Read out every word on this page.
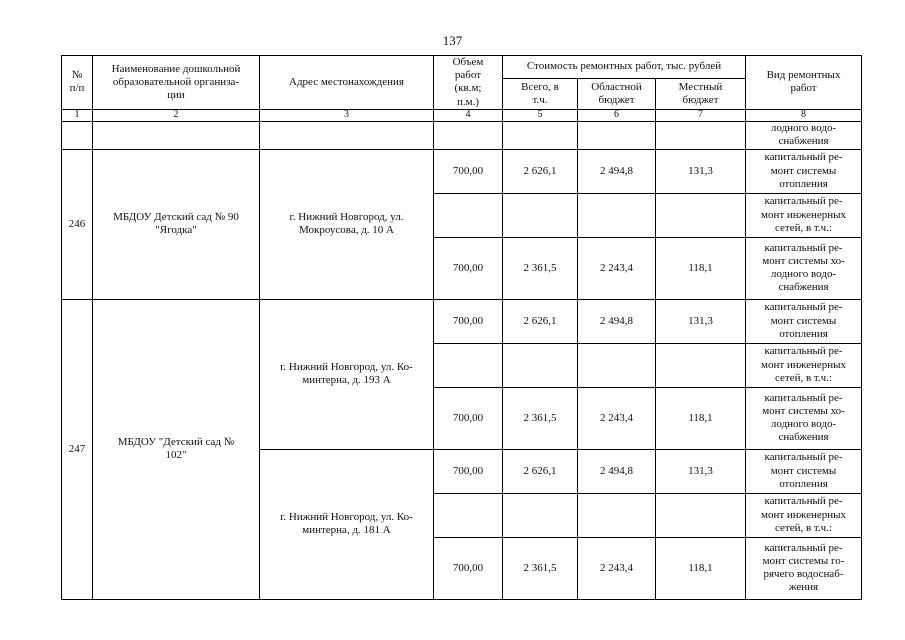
137
№
п/п	Наименование дошкольной
образовательной организа-
ции	Адрес местонахождения	Объем
работ
(кв.м;
п.м.)	Стоимость ремонтных работ, тыс. рублей			Вид ремонтных
работ
				Всего, в
т.ч.	Областной
бюджет	Местный
бюджет	
1	2	3	4	5	6	7	8
							лодного водо-
снабжения
246	МБДОУ Детский сад № 90
"Ягодка"	г. Нижний Новгород, ул.
Мокроусова, д. 10 А	700,00	2 626,1	2 494,8	131,3	капитальный ре-
монт системы
отопления
							капитальный ре-
монт инженерных
сетей, в т.ч.:
			700,00	2 361,5	2 243,4	118,1	капитальный ре-
монт системы хо-
лодного водо-
снабжения
247	МБДОУ "Детский сад №
102"	г. Нижний Новгород, ул. Ко-
минтерна, д. 193 А	700,00	2 626,1	2 494,8	131,3	капитальный ре-
монт системы
отопления
							капитальный ре-
монт инженерных
сетей, в т.ч.:
			700,00	2 361,5	2 243,4	118,1	капитальный ре-
монт системы хо-
лодного водо-
снабжения
		г. Нижний Новгород, ул. Ко-
минтерна, д. 181 А	700,00	2 626,1	2 494,8	131,3	капитальный ре-
монт системы
отопления
							капитальный ре-
монт инженерных
сетей, в т.ч.:
			700,00	2 361,5	2 243,4	118,1	капитальный ре-
монт системы го-
рячего водоснаб-
жения
